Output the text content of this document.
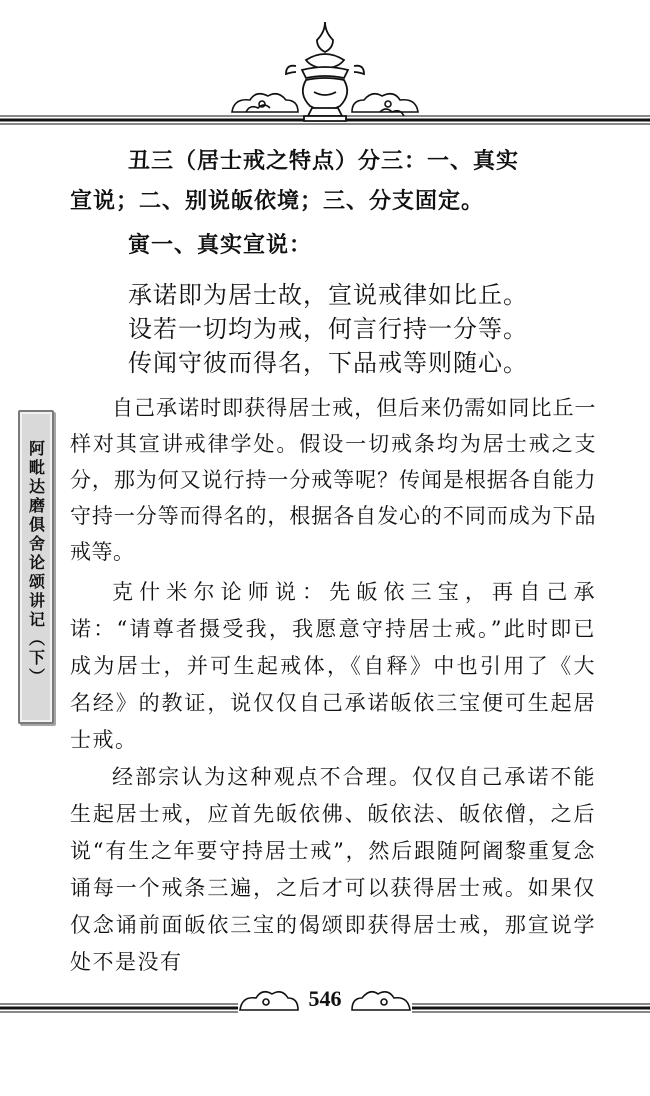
丑三（居士戒之特点）分三：一、真实
宣说；二、别说皈依境；三、分支固定。
寅一、真实宣说：
承诺即为居士故，宣说戒律如比丘。
设若一切均为戒，何言行持一分等。
传闻守彼而得名，下品戒等则随心。
自己承诺时即获得居士戒，但后来仍需如同比丘一样对其宣讲戒律学处。假设一切戒条均为居士戒之支分，那为何又说行持一分戒等呢？传闻是根据各自能力守持一分等而得名的，根据各自发心的不同而成为下品戒等。
克什米尔论师说：先皈依三宝，再自己承诺：“请尊者摄受我，我愿意守持居士戒。”此时即已成为居士，并可生起戒体，《自释》中也引用了《大名经》的教证，说仅仅自己承诺皈依三宝便可生起居士戒。
经部宗认为这种观点不合理。仅仅自己承诺不能生起居士戒，应首先皈依佛、皈依法、皈依僧，之后说“有生之年要守持居士戒”，然后跟随阿阇黎重复念诵每一个戒条三遍，之后才可以获得居士戒。如果仅仅念诵前面皈依三宝的偈颂即获得居士戒，那宣说学处不是没有
阿毗达磨俱舍论颂讲记（下）
546
